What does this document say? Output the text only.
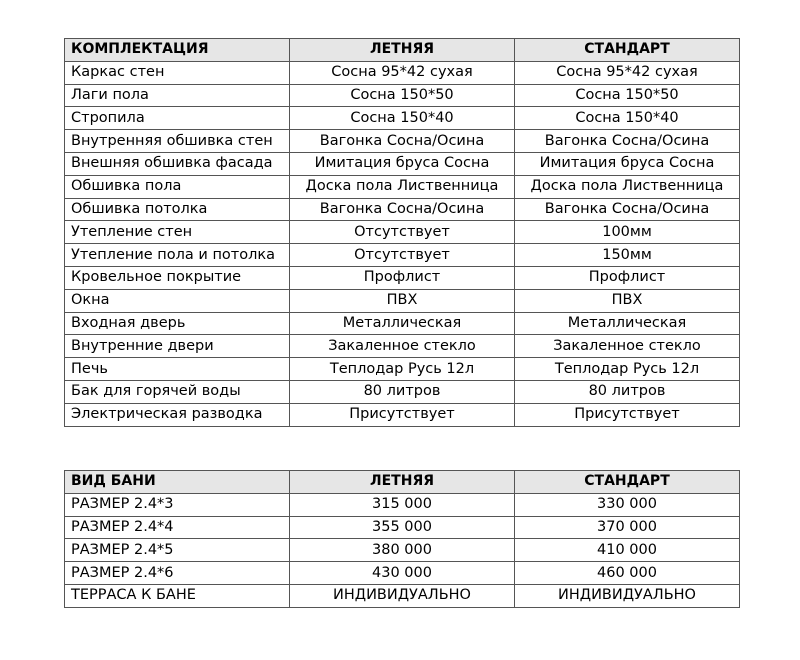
КОМПЛЕКТАЦИЯ	ЛЕТНЯЯ	СТАНДАРТ
Каркас стен	Сосна 95*42 сухая	Сосна 95*42 сухая
Лаги пола	Сосна 150*50	Сосна 150*50
Стропила	Сосна 150*40	Сосна 150*40
Внутренняя обшивка стен	Вагонка Сосна/Осина	Вагонка Сосна/Осина
Внешняя обшивка фасада	Имитация бруса Сосна	Имитация бруса Сосна
Обшивка пола	Доска пола Лиственница	Доска пола Лиственница
Обшивка потолка	Вагонка Сосна/Осина	Вагонка Сосна/Осина
Утепление стен	Отсутствует	100мм
Утепление пола и потолка	Отсутствует	150мм
Кровельное покрытие	Профлист	Профлист
Окна	ПВХ	ПВХ
Входная дверь	Металлическая	Металлическая
Внутренние двери	Закаленное стекло	Закаленное стекло
Печь	Теплодар Русь 12л	Теплодар Русь 12л
Бак для горячей воды	80 литров	80 литров
Электрическая разводка	Присутствует	Присутствует
ВИД БАНИ	ЛЕТНЯЯ	СТАНДАРТ
РАЗМЕР 2.4*3	315 000	330 000
РАЗМЕР 2.4*4	355 000	370 000
РАЗМЕР 2.4*5	380 000	410 000
РАЗМЕР 2.4*6	430 000	460 000
ТЕРРАСА К БАНЕ	ИНДИВИДУАЛЬНО	ИНДИВИДУАЛЬНО
